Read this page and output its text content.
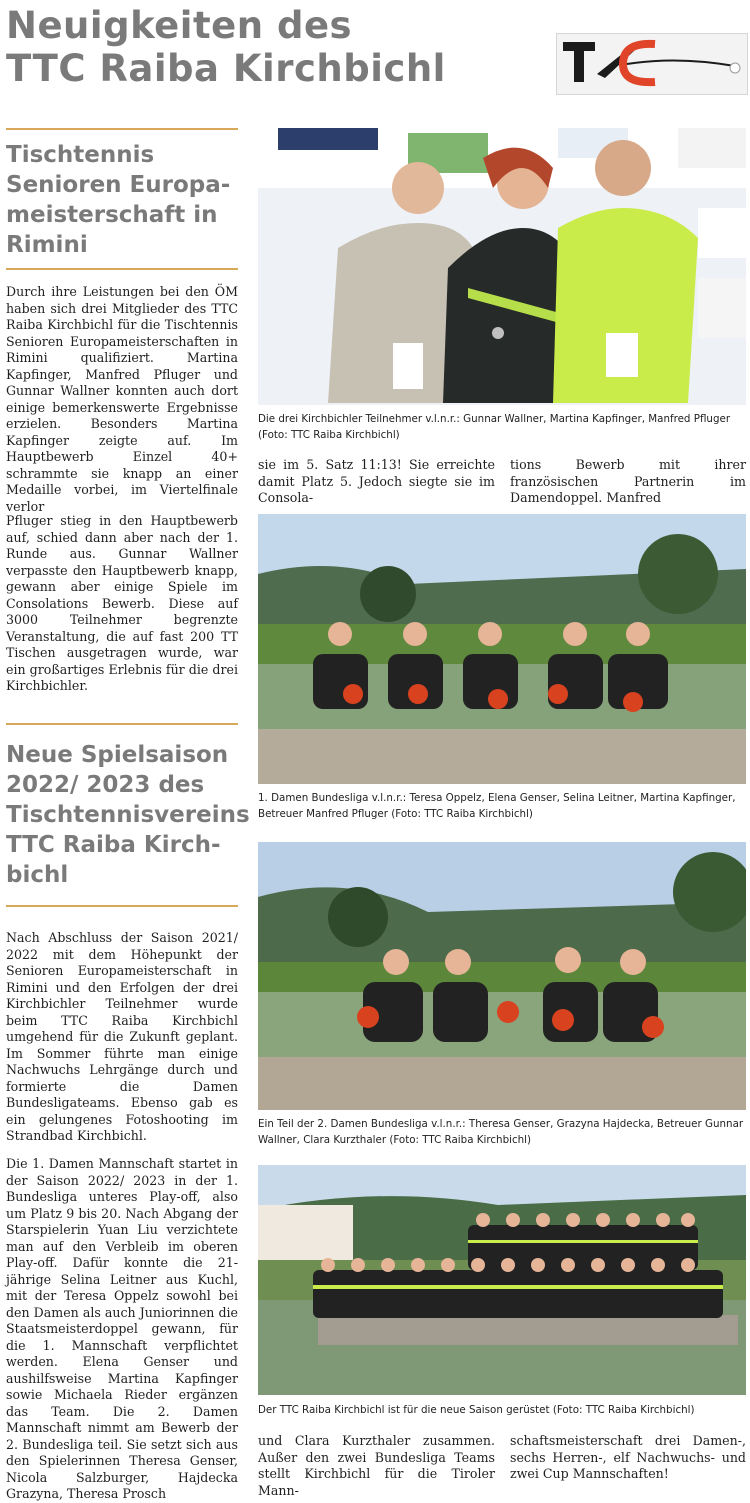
Neuigkeiten des
TTC Raiba Kirchbichl
TTC
Tischtennis Senioren Europa-meisterschaft in Rimini

Durch ihre Leistungen bei den ÖM haben sich drei Mitglieder des TTC Raiba Kirchbichl für die Tischtennis Senioren Europameisterschaften in Rimini qualifiziert. Martina Kapfinger, Manfred Pfluger und Gunnar Wallner konnten auch dort einige bemerkenswerte Ergebnisse erzielen. Besonders Martina Kapfinger zeigte auf. Im Hauptbewerb Einzel 40+ schrammte sie knapp an einer Medaille vorbei, im Viertelfinale verlor

Die drei Kirchbichler Teilnehmer v.l.n.r.: Gunnar Wallner, Martina Kapfinger, Manfred Pfluger (Foto: TTC Raiba Kirchbichl)

sie im 5. Satz 11:13! Sie erreichte damit Platz 5. Jedoch siegte sie im Consola-

tions Bewerb mit ihrer französischen Partnerin im Damendoppel. Manfred

Pfluger stieg in den Hauptbewerb auf, schied dann aber nach der 1. Runde aus. Gunnar Wallner verpasste den Hauptbewerb knapp, gewann aber einige Spiele im Consolations Bewerb. Diese auf 3000 Teilnehmer begrenzte Veranstaltung, die auf fast 200 TT Tischen ausgetragen wurde, war ein großartiges Erlebnis für die drei Kirchbichler.

1. Damen Bundesliga v.l.n.r.: Teresa Oppelz, Elena Genser, Selina Leitner, Martina Kapfinger, Betreuer Manfred Pfluger (Foto: TTC Raiba Kirchbichl)

Neue Spielsaison 2022/ 2023 des Tischtennisvereins TTC Raiba Kirch-bichl

Nach Abschluss der Saison 2021/ 2022 mit dem Höhepunkt der Senioren Europameisterschaft in Rimini und den Erfolgen der drei Kirchbichler Teilnehmer wurde beim TTC Raiba Kirchbichl umgehend für die Zukunft geplant. Im Sommer führte man einige Nachwuchs Lehrgänge durch und formierte die Damen Bundesligateams. Ebenso gab es ein gelungenes Fotoshooting im Strandbad Kirchbichl.

Die 1. Damen Mannschaft startet in der Saison 2022/ 2023 in der 1. Bundesliga unteres Play-off, also um Platz 9 bis 20. Nach Abgang der Starspielerin Yuan Liu verzichtete man auf den Verbleib im oberen Play-off. Dafür konnte die 21-jährige Selina Leitner aus Kuchl, mit der Teresa Oppelz sowohl bei den Damen als auch Juniorinnen die Staatsmeisterdoppel gewann, für die 1. Mannschaft verpflichtet werden. Elena Genser und aushilfsweise Martina Kapfinger sowie Michaela Rieder ergänzen das Team. Die 2. Damen Mannschaft nimmt am Bewerb der 2. Bundesliga teil. Sie setzt sich aus den Spielerinnen Theresa Genser, Nicola Salzburger, Hajdecka Grazyna, Theresa Prosch

Ein Teil der 2. Damen Bundesliga v.l.n.r.: Theresa Genser, Grazyna Hajdecka, Betreuer Gunnar Wallner, Clara Kurzthaler (Foto: TTC Raiba Kirchbichl)

Der TTC Raiba Kirchbichl ist für die neue Saison gerüstet (Foto: TTC Raiba Kirchbichl)

und Clara Kurzthaler zusammen. Außer den zwei Bundesliga Teams stellt Kirchbichl für die Tiroler Mann-

schaftsmeisterschaft drei Damen-, sechs Herren-, elf Nachwuchs- und zwei Cup Mannschaften!
